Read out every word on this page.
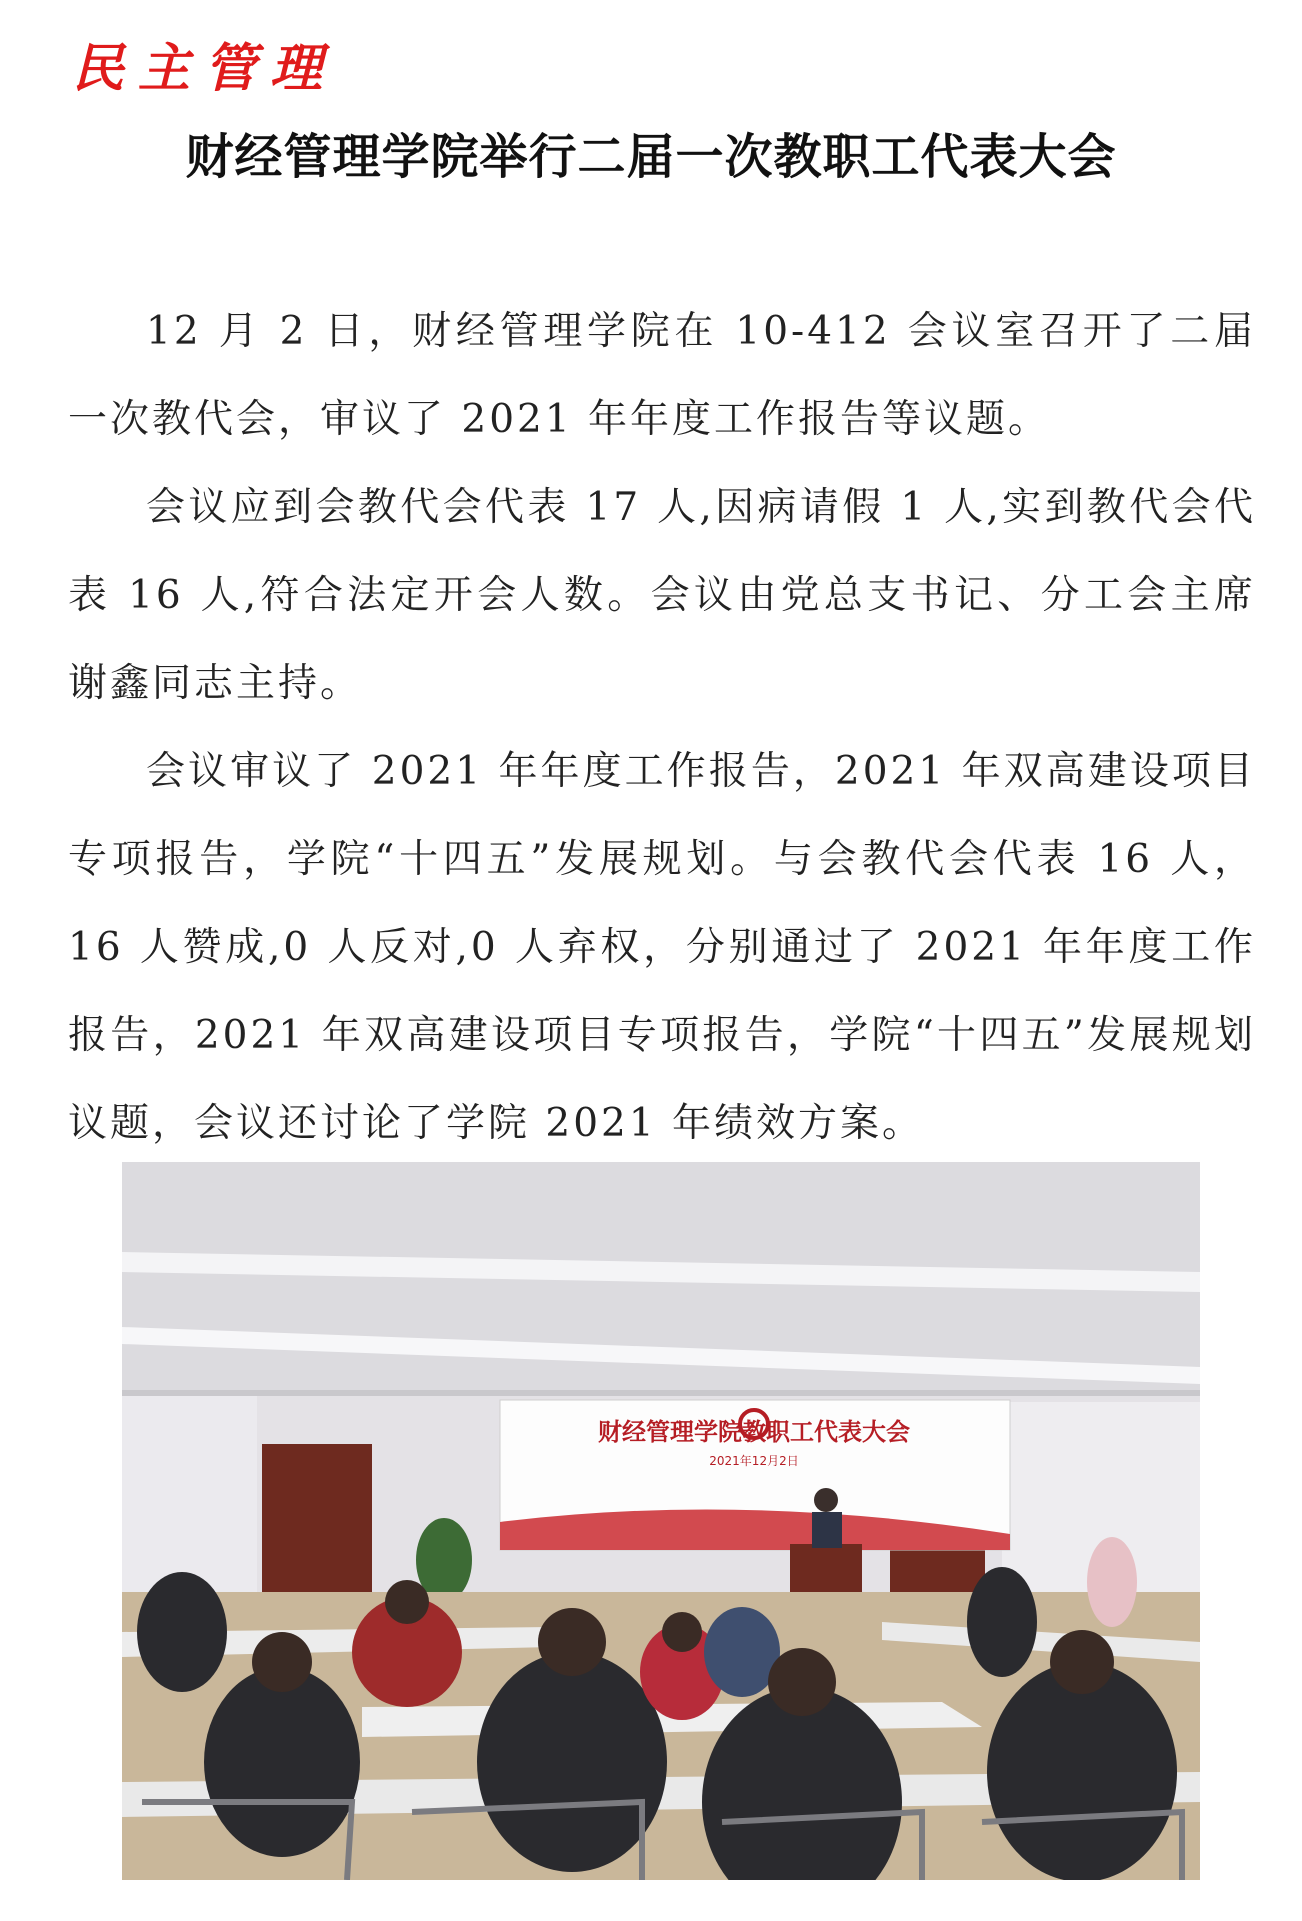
民主管理
财经管理学院举行二届一次教职工代表大会

12 月 2 日，财经管理学院在 10-412 会议室召开了二届一次教代会，审议了 2021 年年度工作报告等议题。

会议应到会教代会代表 17 人,因病请假 1 人,实到教代会代表 16 人,符合法定开会人数。会议由党总支书记、分工会主席谢鑫同志主持。

会议审议了 2021 年年度工作报告，2021 年双高建设项目专项报告，学院“十四五”发展规划。与会教代会代表 16 人，16 人赞成,0 人反对,0 人弃权，分别通过了 2021 年年度工作报告，2021 年双高建设项目专项报告，学院“十四五”发展规划议题，会议还讨论了学院 2021 年绩效方案。

财经管理学院教职工代表大会
2021年12月2日
